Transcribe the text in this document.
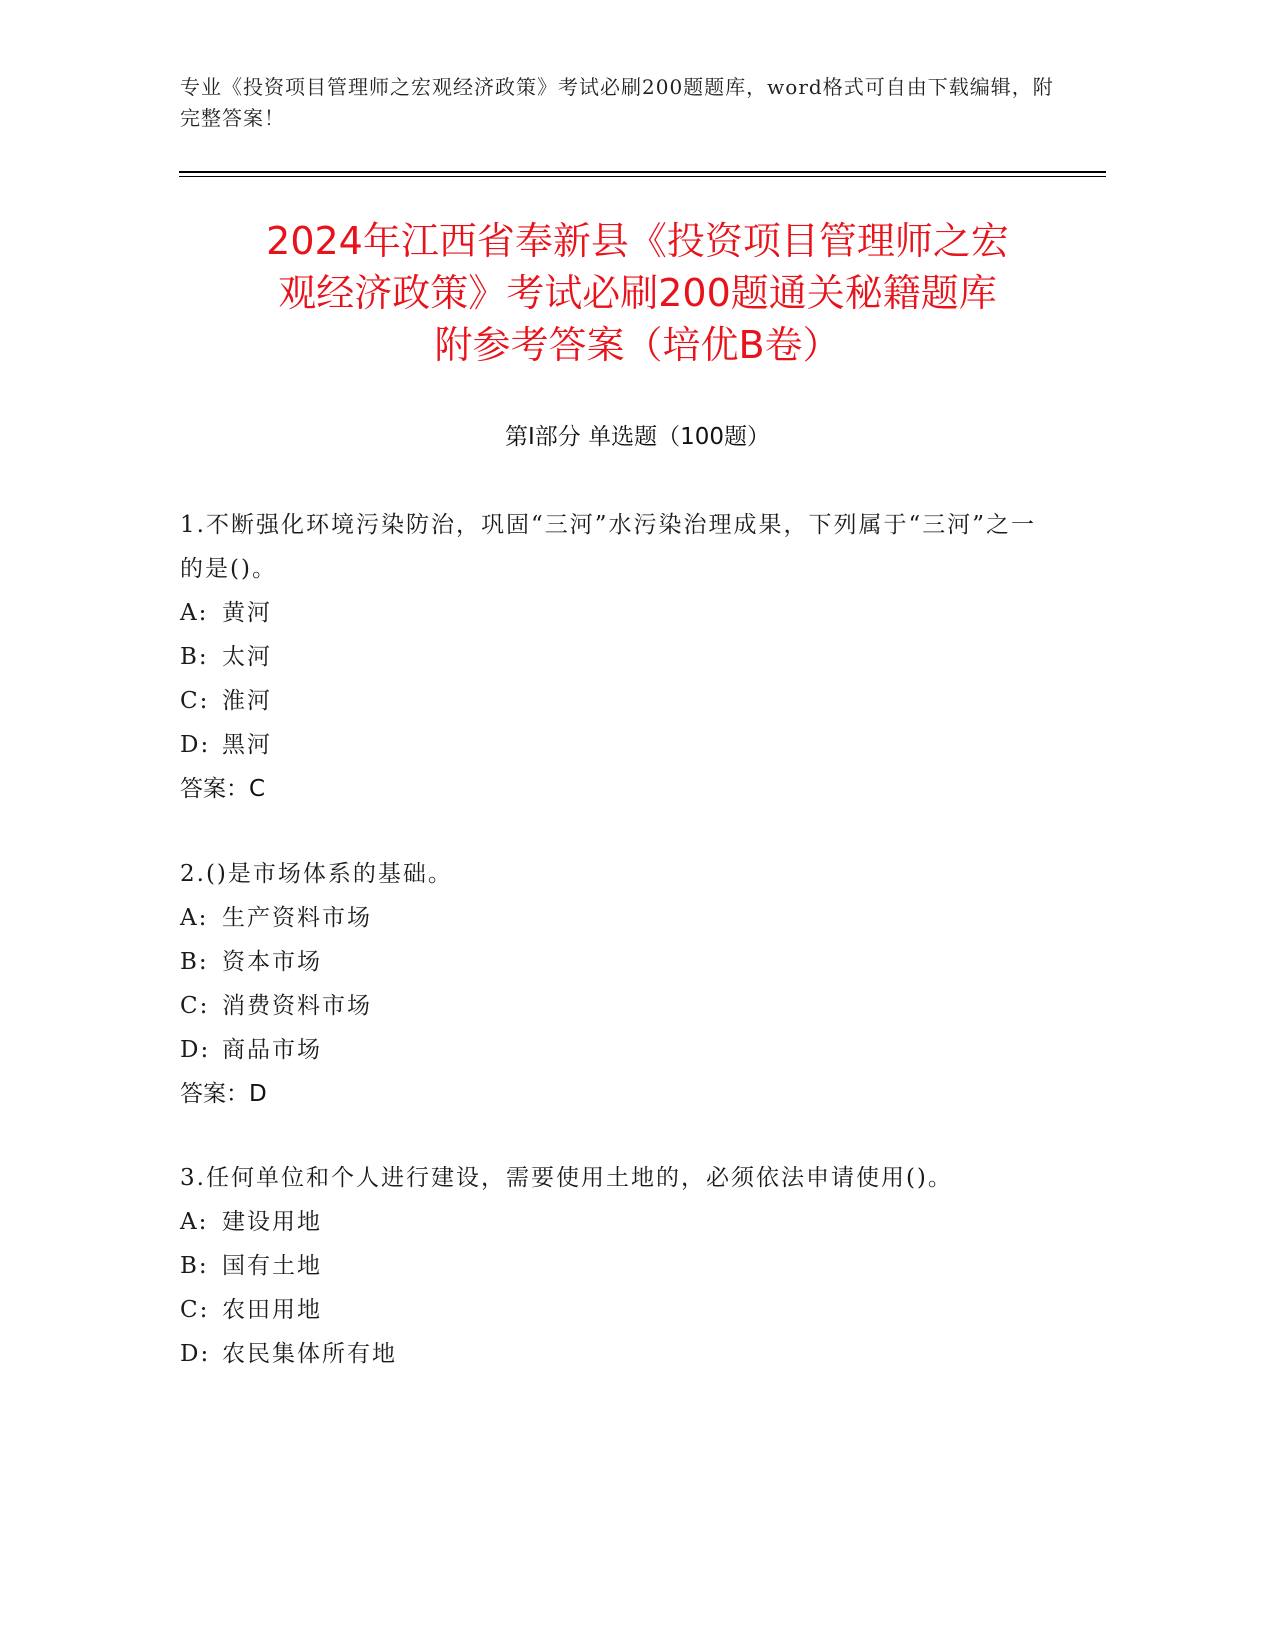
专业《投资项目管理师之宏观经济政策》考试必刷200题题库，word格式可自由下载编辑，附完整答案！
2024年江西省奉新县《投资项目管理师之宏
观经济政策》考试必刷200题通关秘籍题库
附参考答案（培优B卷）
第Ⅰ部分 单选题（100题）

1.不断强化环境污染防治，巩固“三河”水污染治理成果，下列属于“三河”之一的是()。

A: 黄河
B: 太河
C: 淮河
D: 黑河
答案：C

2.()是市场体系的基础。

A: 生产资料市场
B: 资本市场
C: 消费资料市场
D: 商品市场
答案：D

3.任何单位和个人进行建设，需要使用土地的，必须依法申请使用()。

A: 建设用地
B: 国有土地
C: 农田用地
D: 农民集体所有地
